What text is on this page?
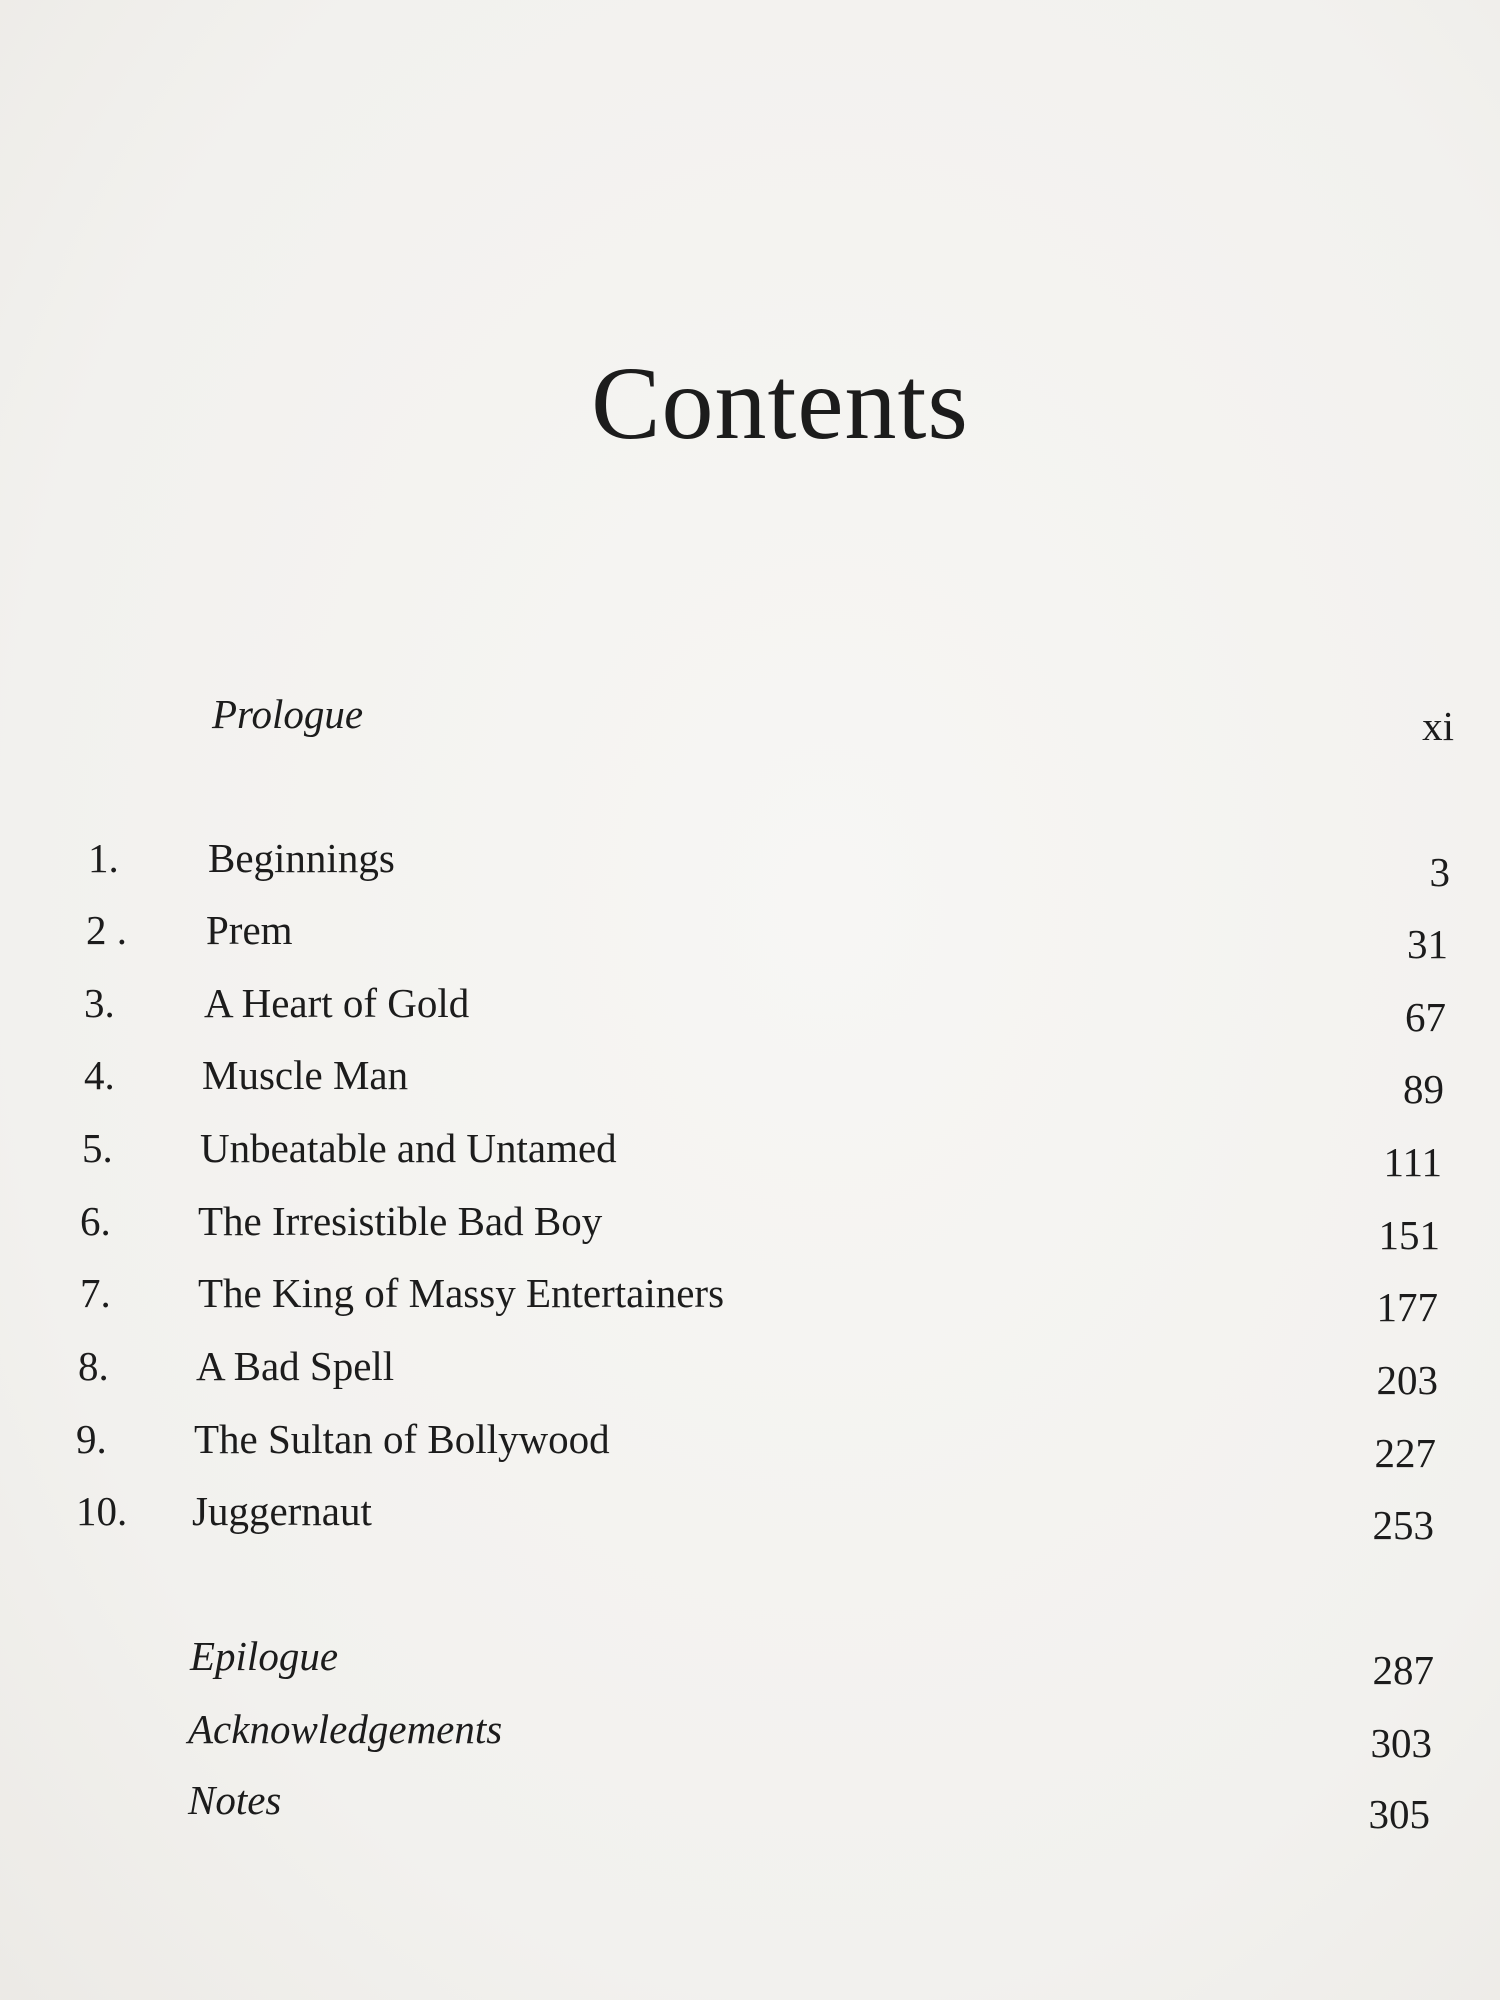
Contents
Prologue	xi
1. Beginnings	3
2 . Prem	31
3. A Heart of Gold	67
4. Muscle Man	89
5. Unbeatable and Untamed	111
6. The Irresistible Bad Boy	151
7. The King of Massy Entertainers	177
8. A Bad Spell	203
9. The Sultan of Bollywood	227
10. Juggernaut	253
Epilogue	287
Acknowledgements	303
Notes	305
